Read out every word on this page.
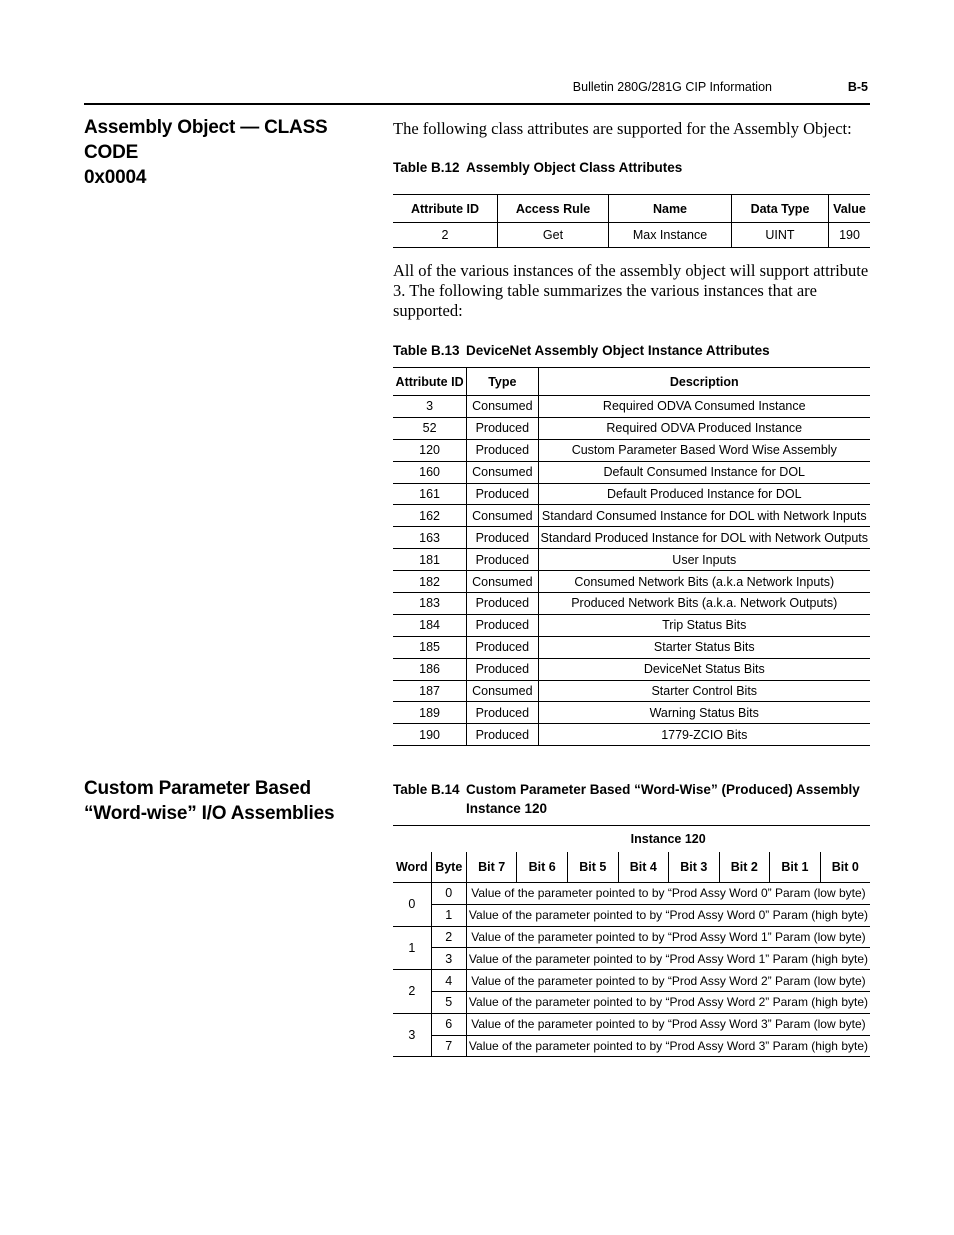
Bulletin 280G/281G CIP Information	B-5
Assembly Object — CLASS CODE
0x0004
The following class attributes are supported for the Assembly Object:
Table B.12 Assembly Object Class Attributes
Attribute ID	Access Rule	Name	Data Type	Value
2	Get	Max Instance	UINT	190
All of the various instances of the assembly object will support attribute 3. The following table summarizes the various instances that are supported:
Table B.13 DeviceNet Assembly Object Instance Attributes
Attribute ID	Type	Description
3	Consumed	Required ODVA Consumed Instance
52	Produced	Required ODVA Produced Instance
120	Produced	Custom Parameter Based Word Wise Assembly
160	Consumed	Default Consumed Instance for DOL
161	Produced	Default Produced Instance for DOL
162	Consumed	Standard Consumed Instance for DOL with Network Inputs
163	Produced	Standard Produced Instance for DOL with Network Outputs
181	Produced	User Inputs
182	Consumed	Consumed Network Bits (a.k.a Network Inputs)
183	Produced	Produced Network Bits (a.k.a. Network Outputs)
184	Produced	Trip Status Bits
185	Produced	Starter Status Bits
186	Produced	DeviceNet Status Bits
187	Consumed	Starter Control Bits
189	Produced	Warning Status Bits
190	Produced	1779-ZCIO Bits
Custom Parameter Based
“Word-wise” I/O Assemblies
Table B.14 Custom Parameter Based “Word-Wise” (Produced) Assembly
Instance 120
		Instance 120							
Word	Byte	Bit 7	Bit 6	Bit 5	Bit 4	Bit 3	Bit 2	Bit 1	Bit 0
0	0	Value of the parameter pointed to by “Prod Assy Word 0” Param (low byte)							
	1	Value of the parameter pointed to by “Prod Assy Word 0” Param (high byte)							
1	2	Value of the parameter pointed to by “Prod Assy Word 1” Param (low byte)							
	3	Value of the parameter pointed to by “Prod Assy Word 1” Param (high byte)							
2	4	Value of the parameter pointed to by “Prod Assy Word 2” Param (low byte)							
	5	Value of the parameter pointed to by “Prod Assy Word 2” Param (high byte)							
3	6	Value of the parameter pointed to by “Prod Assy Word 3” Param (low byte)							
	7	Value of the parameter pointed to by “Prod Assy Word 3” Param (high byte)							
